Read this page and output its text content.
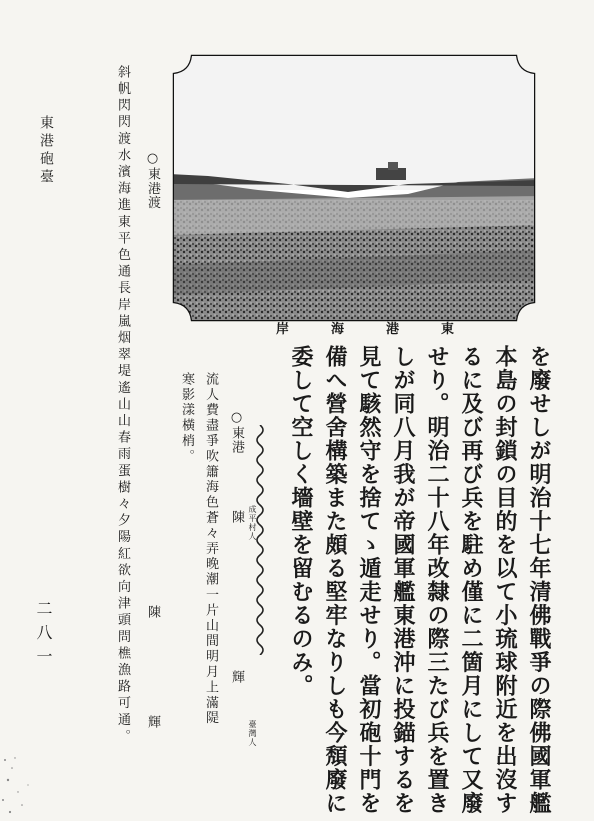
岸	海	港	東
を廢せしが明治十七年清佛戰爭の際佛國軍艦
本島の封鎖の目的を以て小琉球附近を出沒す
るに及び再び兵を駐め僅に二箇月にして又廢
せり。明治二十八年改隸の際三たび兵を置き
しが同八月我が帝國軍艦東港沖に投錨するを
見て駭然守を捨てゝ遁走せり。當初砲十門を
備へ營舍構築また頗る堅牢なりしも今頽廢に
委して空しく墻壁を留むるのみ。
○東港
成平村人
陳
輝
臺灣人
流人費盡爭吹簫海色蒼々弄晚潮一片山間明月上滿隄
寒影漾橫梢。
○東港渡
陳
輝
斜帆閃閃渡水濱海進東平色通長岸嵐烟翠堤遙山山春雨蛋樹々夕陽紅欲向津頭問樵漁路可通。
東港砲臺
二八一
